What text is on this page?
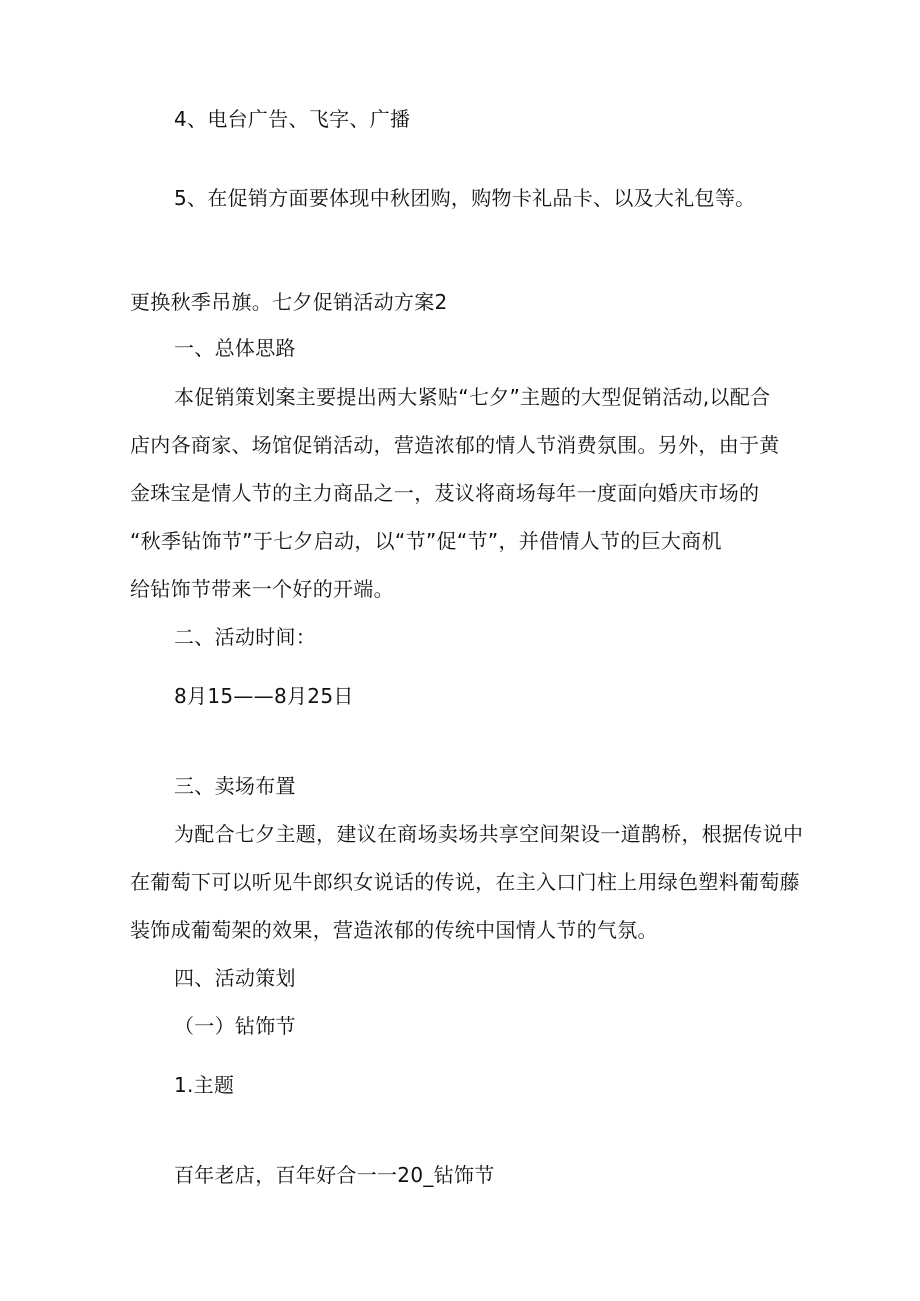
4、电台广告、飞字、广播
5、在促销方面要体现中秋团购，购物卡礼品卡、以及大礼包等。
更换秋季吊旗。七夕促销活动方案2
一、总体思路
本促销策划案主要提出两大紧贴“七夕”主题的大型促销活动,以配合
店内各商家、场馆促销活动，营造浓郁的情人节消费氛围。另外，由于黄
金珠宝是情人节的主力商品之一，芨议将商场每年一度面向婚庆市场的
“秋季钻饰节”于七夕启动，以“节”促“节”，并借情人节的巨大商机
给钻饰节带来一个好的开端。
二、活动时间：
8月15——8月25日
三、卖场布置
为配合七夕主题，建议在商场卖场共享空间架设一道鹊桥，根据传说中
在葡萄下可以听见牛郎织女说话的传说，在主入口门柱上用绿色塑料葡萄藤
装饰成葡萄架的效果，营造浓郁的传统中国情人节的气氛。
四、活动策划
（一）钻饰节
1.主题
百年老店，百年好合一一20_钻饰节
